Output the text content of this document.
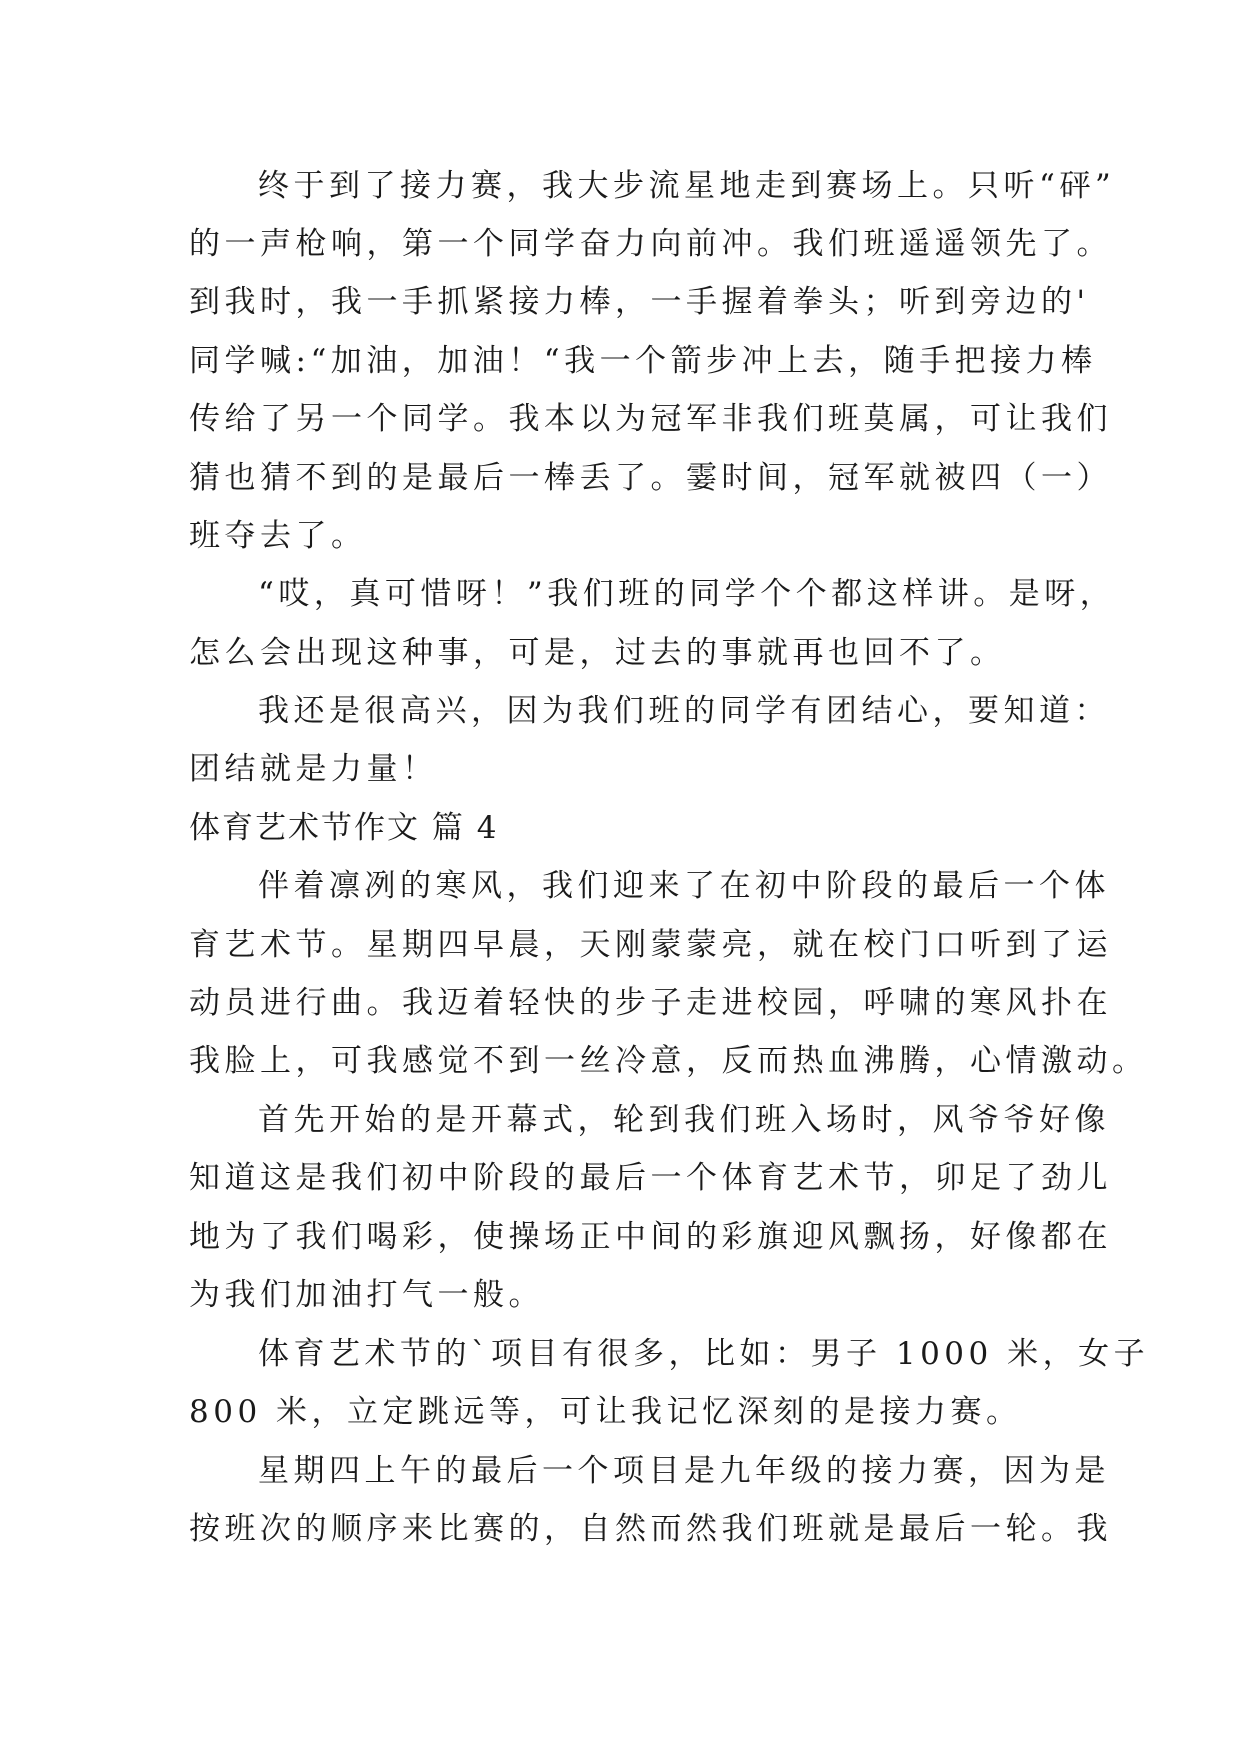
终于到了接力赛，我大步流星地走到赛场上。只听“砰”
的一声枪响，第一个同学奋力向前冲。我们班遥遥领先了。
到我时，我一手抓紧接力棒，一手握着拳头；听到旁边的'
同学喊:“加油，加油！“我一个箭步冲上去，随手把接力棒
传给了另一个同学。我本以为冠军非我们班莫属，可让我们
猜也猜不到的是最后一棒丢了。霎时间，冠军就被四（一）
班夺去了。
“哎，真可惜呀！”我们班的同学个个都这样讲。是呀，
怎么会出现这种事，可是，过去的事就再也回不了。
我还是很高兴，因为我们班的同学有团结心，要知道：
团结就是力量！
体育艺术节作文 篇 4
伴着凛冽的寒风，我们迎来了在初中阶段的最后一个体
育艺术节。星期四早晨，天刚蒙蒙亮，就在校门口听到了运
动员进行曲。我迈着轻快的步子走进校园，呼啸的寒风扑在
我脸上，可我感觉不到一丝冷意，反而热血沸腾，心情激动。
首先开始的是开幕式，轮到我们班入场时，风爷爷好像
知道这是我们初中阶段的最后一个体育艺术节，卯足了劲儿
地为了我们喝彩，使操场正中间的彩旗迎风飘扬，好像都在
为我们加油打气一般。
体育艺术节的`项目有很多，比如：男子 1000 米，女子
800 米，立定跳远等，可让我记忆深刻的是接力赛。
星期四上午的最后一个项目是九年级的接力赛，因为是
按班次的顺序来比赛的，自然而然我们班就是最后一轮。我
